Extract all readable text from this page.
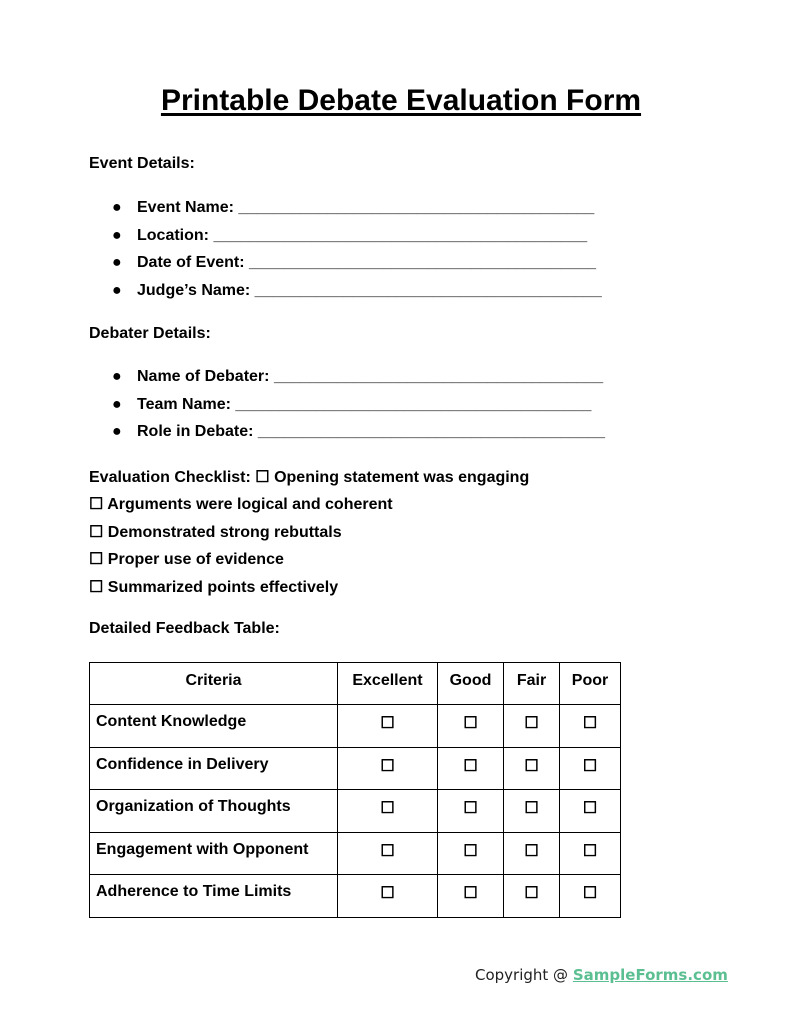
Printable Debate Evaluation Form
Event Details:
● Event Name: ________________________________________
● Location: __________________________________________
● Date of Event: _______________________________________
● Judge’s Name: _______________________________________
Debater Details:
● Name of Debater: _____________________________________
● Team Name: ________________________________________
● Role in Debate: _______________________________________
Evaluation Checklist: ☐ Opening statement was engaging
☐ Arguments were logical and coherent
☐ Demonstrated strong rebuttals
☐ Proper use of evidence
☐ Summarized points effectively
Detailed Feedback Table:
Criteria	Excellent	Good	Fair	Poor
Content Knowledge	☐	☐	☐	☐
Confidence in Delivery	☐	☐	☐	☐
Organization of Thoughts	☐	☐	☐	☐
Engagement with Opponent	☐	☐	☐	☐
Adherence to Time Limits	☐	☐	☐	☐
Copyright @ SampleForms.com
